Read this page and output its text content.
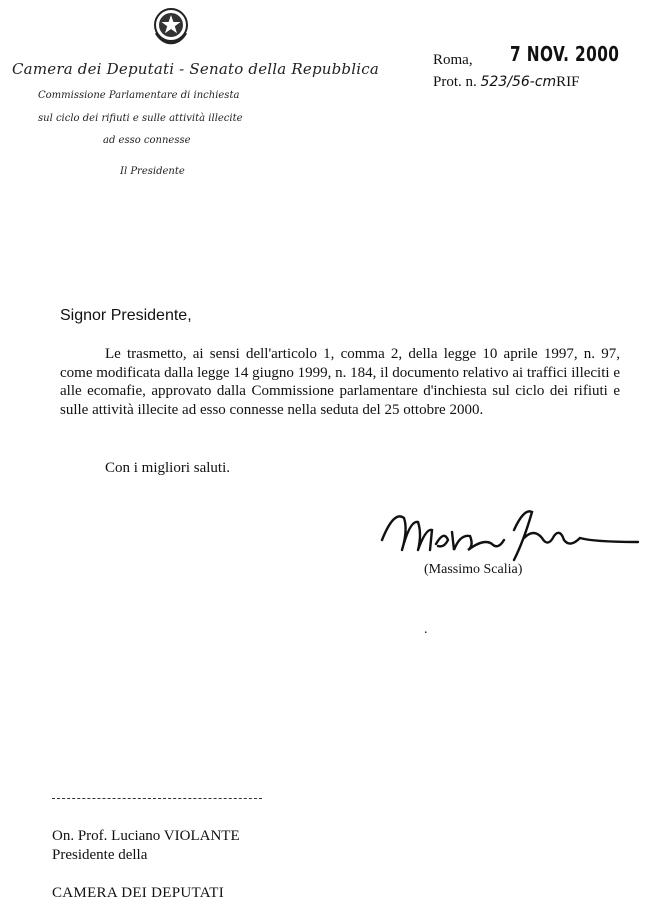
Camera dei Deputati - Senato della Repubblica
Commissione Parlamentare di inchiesta
sul ciclo dei rifiuti e sulle attività illecite
ad esso connesse
Il Presidente
Roma, 7 NOV. 2000
Prot. n. 523/56-cmRIF
Signor Presidente,
Le trasmetto, ai sensi dell'articolo 1, comma 2, della legge 10 aprile 1997, n. 97, come modificata dalla legge 14 giugno 1999, n. 184, il documento relativo ai traffici illeciti e alle ecomafie, approvato dalla Commissione parlamentare d'inchiesta sul ciclo dei rifiuti e sulle attività illecite ad esso connesse nella seduta del 25 ottobre 2000.
Con i migliori saluti.
(Massimo Scalia)
.
On. Prof. Luciano VIOLANTE
Presidente della
CAMERA DEI DEPUTATI
